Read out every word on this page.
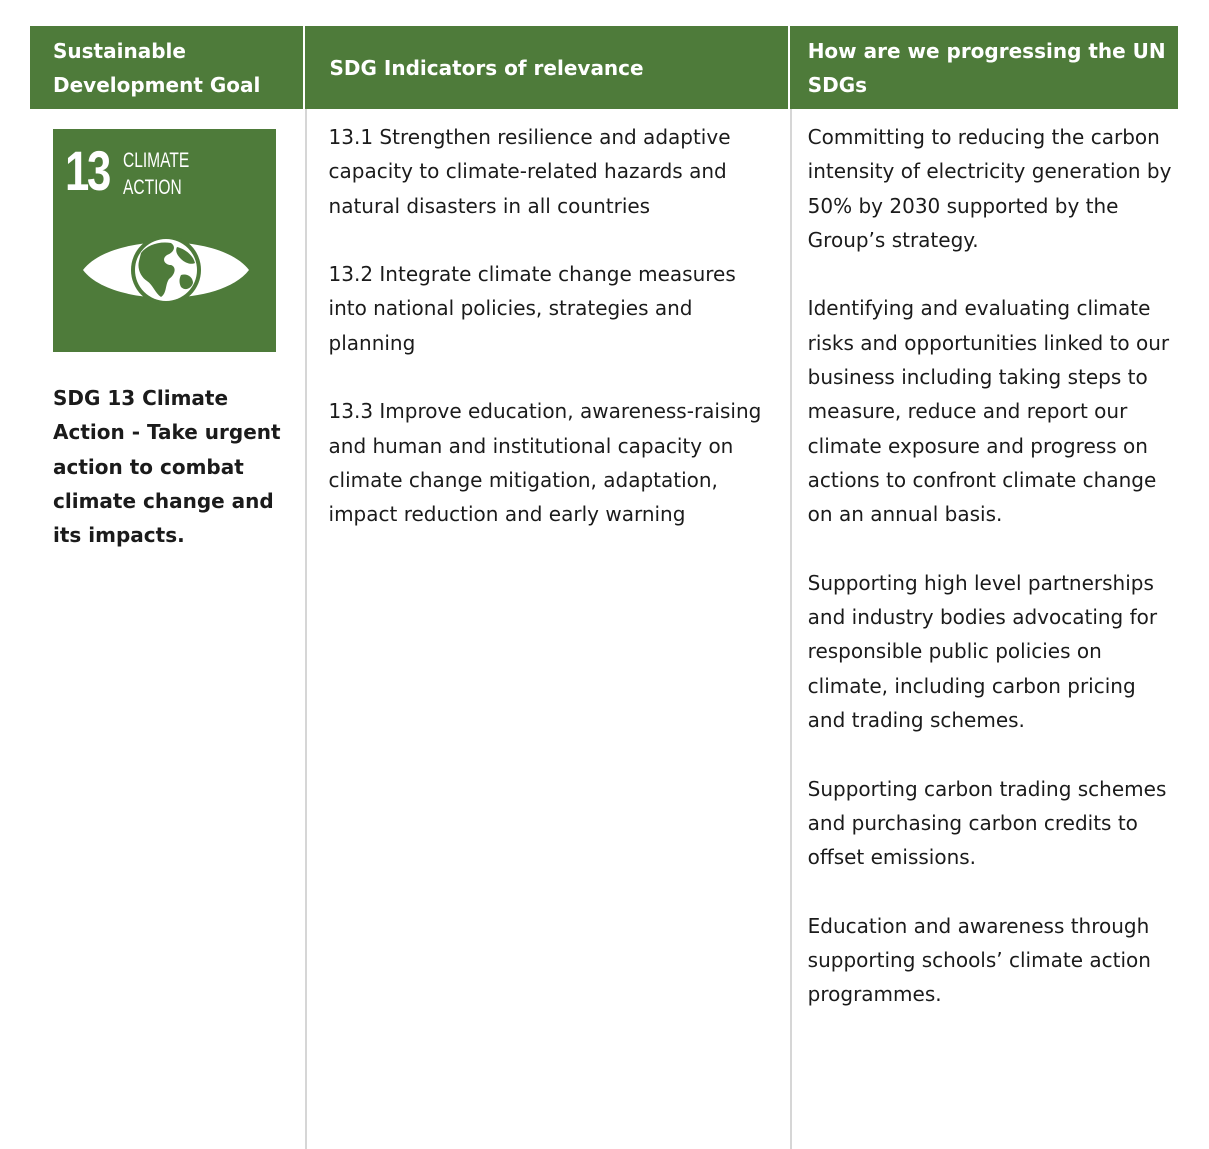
Sustainable Development Goal
SDG Indicators of relevance
How are we progressing the UN SDGs
13 CLIMATE
ACTION
SDG 13 Climate Action - Take urgent action to combat climate change and its impacts.

13.1 Strengthen resilience and adaptive capacity to climate-related hazards and natural disasters in all countries

13.2 Integrate climate change measures into national policies, strategies and planning

13.3 Improve education, awareness-raising and human and institutional capacity on climate change mitigation, adaptation, impact reduction and early warning

Committing to reducing the carbon intensity of electricity generation by 50% by 2030 supported by the Group’s strategy.

Identifying and evaluating climate risks and opportunities linked to our business including taking steps to measure, reduce and report our climate exposure and progress on actions to confront climate change on an annual basis.

Supporting high level partnerships and industry bodies advocating for responsible public policies on climate, including carbon pricing and trading schemes.

Supporting carbon trading schemes and purchasing carbon credits to offset emissions.

Education and awareness through supporting schools’ climate action programmes.
